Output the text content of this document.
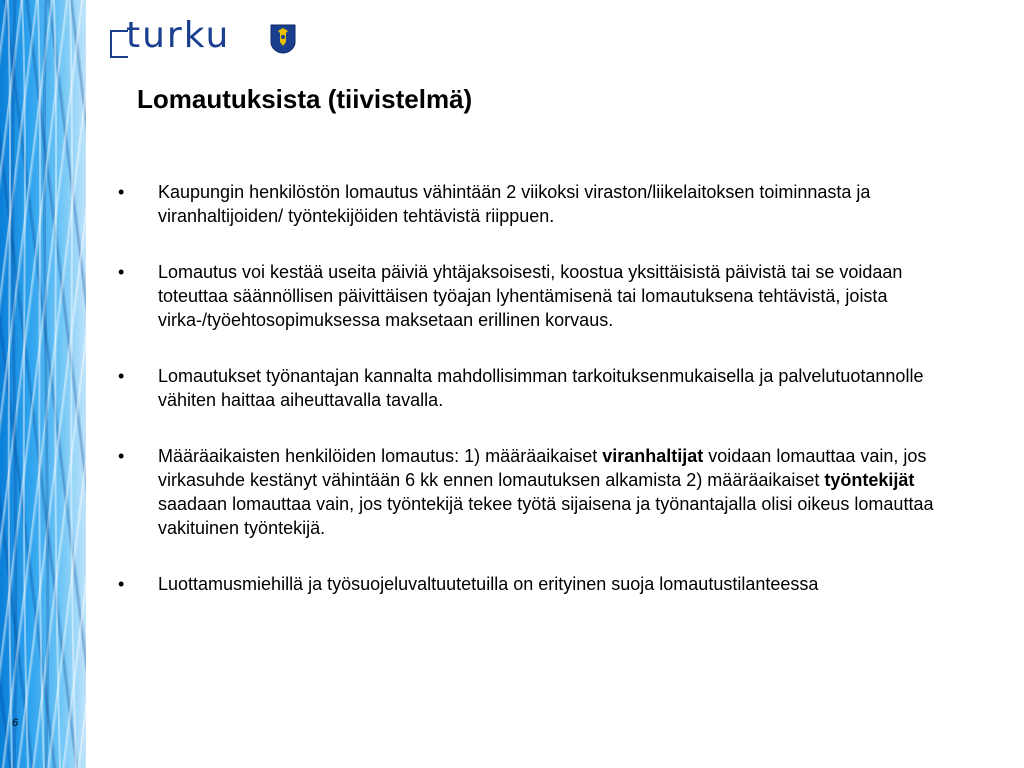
6
turku
Lomautuksista (tiivistelmä)
• Kaupungin henkilöstön lomautus vähintään 2 viikoksi viraston/liikelaitoksen toiminnasta ja viranhaltijoiden/ työntekijöiden tehtävistä riippuen.
• Lomautus voi kestää useita päiviä yhtäjaksoisesti, koostua yksittäisistä päivistä tai se voidaan toteuttaa säännöllisen päivittäisen työajan lyhentämisenä tai lomautuksena tehtävistä, joista virka-/työehtosopimuksessa maksetaan erillinen korvaus.
• Lomautukset työnantajan kannalta mahdollisimman tarkoituksenmukaisella ja palvelutuotannolle vähiten haittaa aiheuttavalla tavalla.
• Määräaikaisten henkilöiden lomautus: 1) määräaikaiset viranhaltijat voidaan lomauttaa vain, jos virkasuhde kestänyt vähintään 6 kk ennen lomautuksen alkamista 2) määräaikaiset työntekijät saadaan lomauttaa vain, jos työntekijä tekee työtä sijaisena ja työnantajalla olisi oikeus lomauttaa vakituinen työntekijä.
• Luottamusmiehillä ja työsuojeluvaltuutetuilla on erityinen suoja lomautustilanteessa
